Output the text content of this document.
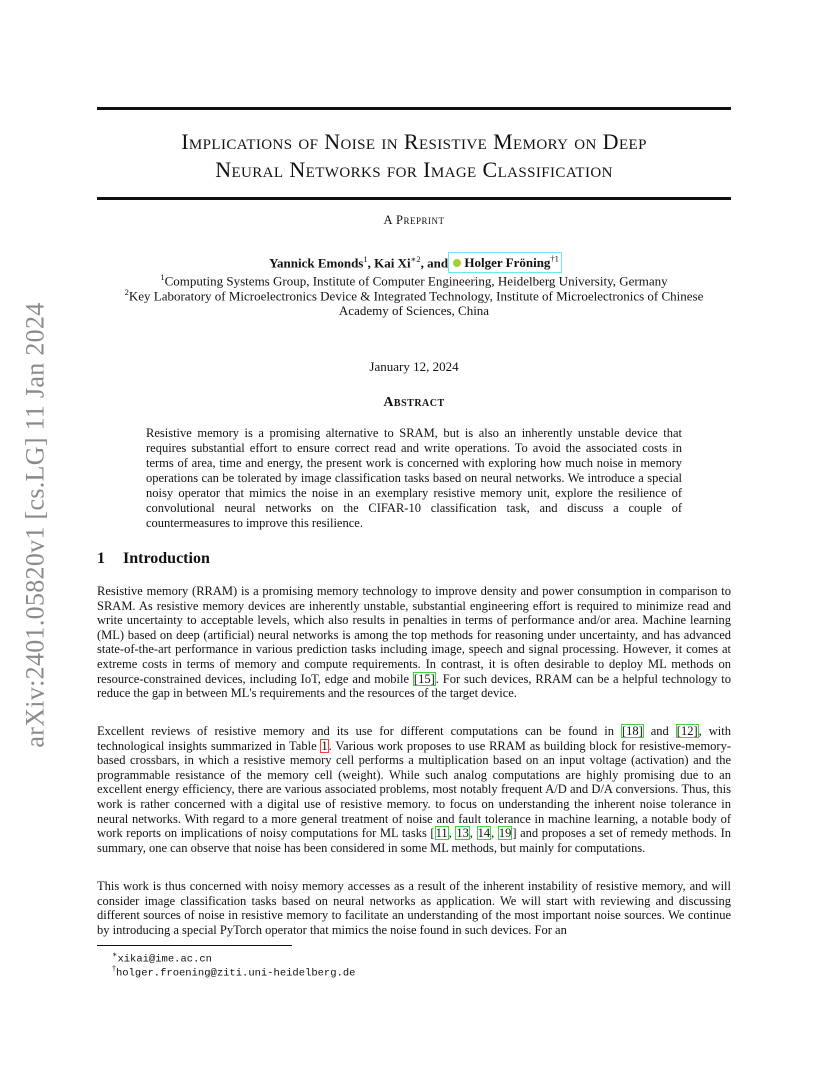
arXiv:2401.05820v1 [cs.LG] 11 Jan 2024
Implications of Noise in Resistive Memory on Deep
Neural Networks for Image Classification
A Preprint
Yannick Emonds$^1$, Kai $Xi^{∗2}$, and Holger Fröning$^{\dagger 1}$
$^1$Computing Systems Group, Institute of Computer Engineering, Heidelberg University, Germany
$^2$Key Laboratory of Microelectronics Device & Integrated Technology, Institute of Microelectronics of Chinese
Academy of Sciences, China
January 12, 2024
Abstract
Resistive memory is a promising alternative to SRAM, but is also an inherently unstable device that requires substantial effort to ensure correct read and write operations. To avoid the associated costs in terms of area, time and energy, the present work is concerned with exploring how much noise in memory operations can be tolerated by image classification tasks based on neural networks. We introduce a special noisy operator that mimics the noise in an exemplary resistive memory unit, explore the resilience of convolutional neural networks on the CIFAR-10 classification task, and discuss a couple of countermeasures to improve this resilience.
1 Introduction
Resistive memory (RRAM) is a promising memory technology to improve density and power consumption in comparison to SRAM. As resistive memory devices are inherently unstable, substantial engineering effort is required to minimize read and write uncertainty to acceptable levels, which also results in penalties in terms of performance and/or area. Machine learning (ML) based on deep (artificial) neural networks is among the top methods for reasoning under uncertainty, and has advanced state-of-the-art performance in various prediction tasks including image, speech and signal processing. However, it comes at extreme costs in terms of memory and compute requirements. In contrast, it is often desirable to deploy ML methods on resource-constrained devices, including IoT, edge and mobile [15]. For such devices, RRAM can be a helpful technology to reduce the gap in between ML's requirements and the resources of the target device.
Excellent reviews of resistive memory and its use for different computations can be found in [18] and [12], with technological insights summarized in Table 1. Various work proposes to use RRAM as building block for resistive-memory-based crossbars, in which a resistive memory cell performs a multiplication based on an input voltage (activation) and the programmable resistance of the memory cell (weight). While such analog computations are highly promising due to an excellent energy efficiency, there are various associated problems, most notably frequent A/D and D/A conversions. Thus, this work is rather concerned with a digital use of resistive memory. to focus on understanding the inherent noise tolerance in neural networks. With regard to a more general treatment of noise and fault tolerance in machine learning, a notable body of work reports on implications of noisy computations for ML tasks [11, 13, 14, 19] and proposes a set of remedy methods. In summary, one can observe that noise has been considered in some ML methods, but mainly for computations.
This work is thus concerned with noisy memory accesses as a result of the inherent instability of resistive memory, and will consider image classification tasks based on neural networks as application. We will start with reviewing and discussing different sources of noise in resistive memory to facilitate an understanding of the most important noise sources. We continue by introducing a special PyTorch operator that mimics the noise found in such devices. For an
∗xikai@ime.ac.cn
†holger.froening@ziti.uni-heidelberg.de
